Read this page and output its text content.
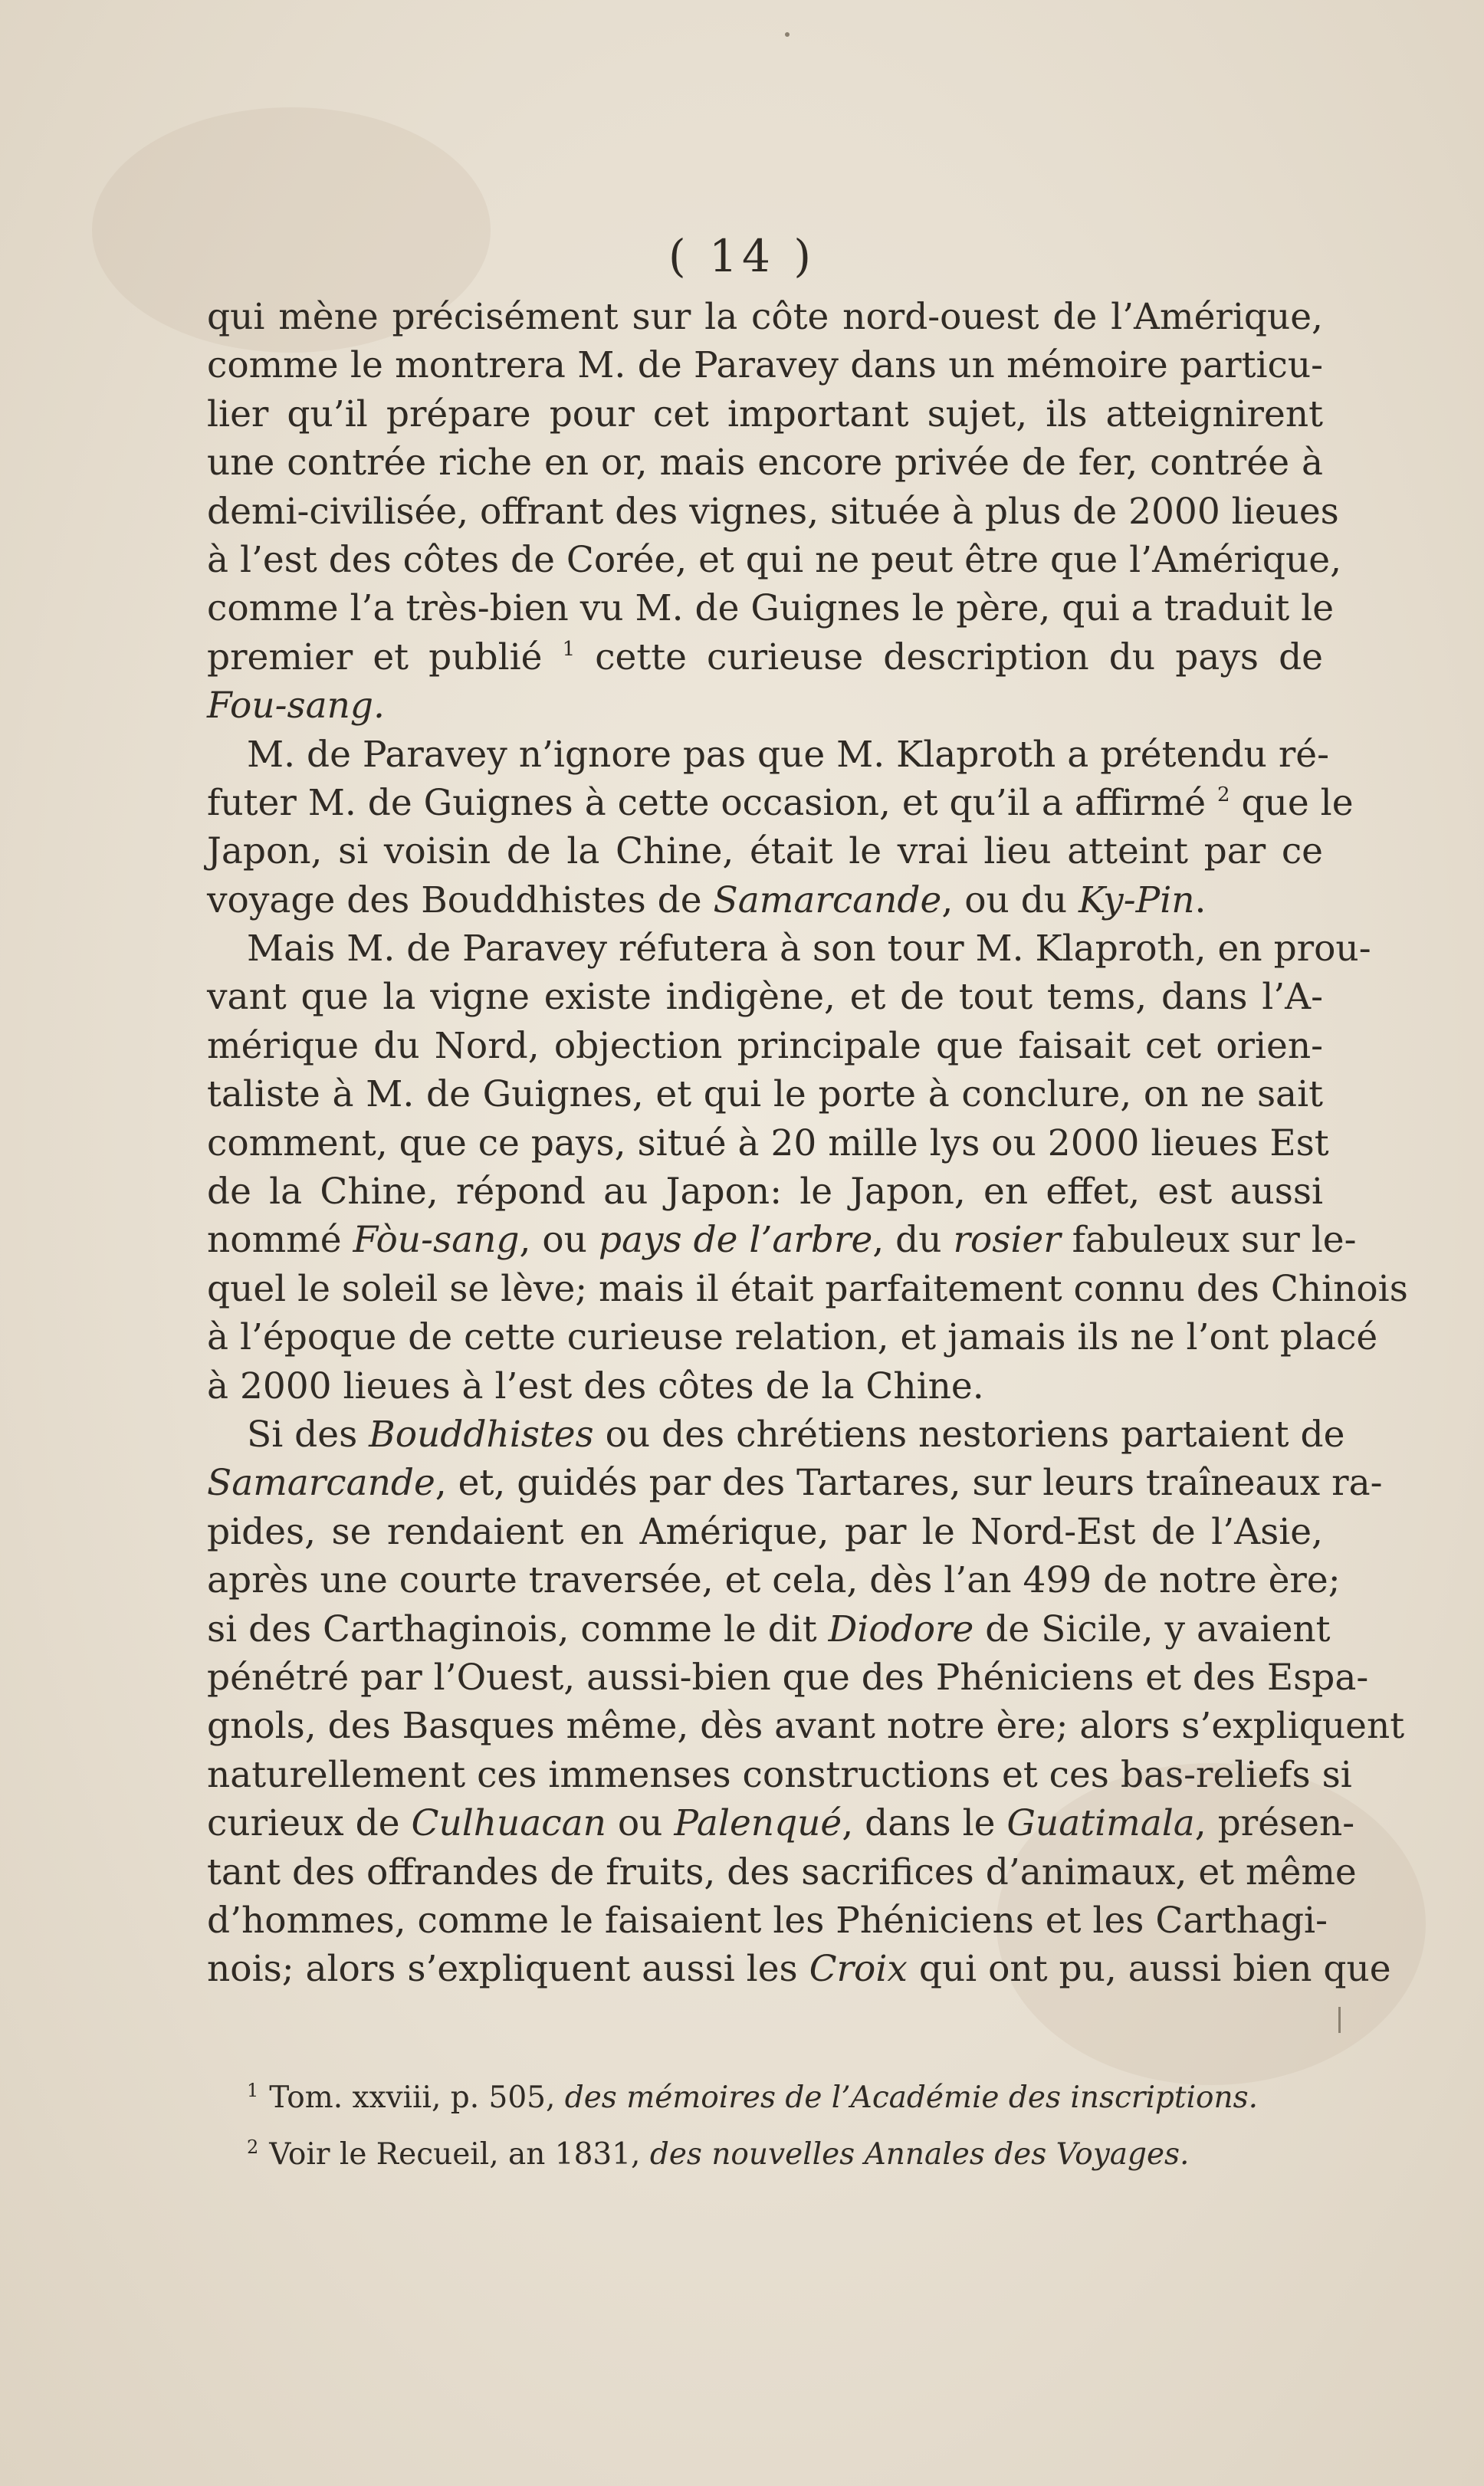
( 14 )
qui mène précisément sur la côte nord-ouest de l’Amérique,
comme le montrera M. de Paravey dans un mémoire particu-
lier qu’il prépare pour cet important sujet, ils atteignirent
une contrée riche en or, mais encore privée de fer, contrée à
demi-civilisée, offrant des vignes, située à plus de 2000 lieues
à l’est des côtes de Corée, et qui ne peut être que l’Amérique,
comme l’a très-bien vu M. de Guignes le père, qui a traduit le
premier et publié $^1$ cette curieuse description du pays de
Fou-sang.
M. de Paravey n’ignore pas que M. Klaproth a prétendu ré-
futer M. de Guignes à cette occasion, et qu’il a affirmé $^2$ que le
Japon, si voisin de la Chine, était le vrai lieu atteint par ce
voyage des Bouddhistes de Samarcande, ou du Ky-Pin.
Mais M. de Paravey réfutera à son tour M. Klaproth, en prou-
vant que la vigne existe indigène, et de tout tems, dans l’A-
mérique du Nord, objection principale que faisait cet orien-
taliste à M. de Guignes, et qui le porte à conclure, on ne sait
comment, que ce pays, situé à 20 mille lys ou 2000 lieues Est
de la Chine, répond au Japon: le Japon, en effet, est aussi
nommé Fòu-sang, ou pays de l’arbre, du rosier fabuleux sur le-
quel le soleil se lève; mais il était parfaitement connu des Chinois
à l’époque de cette curieuse relation, et jamais ils ne l’ont placé
à 2000 lieues à l’est des côtes de la Chine.
Si des Bouddhistes ou des chrétiens nestoriens partaient de
Samarcande, et, guidés par des Tartares, sur leurs traîneaux ra-
pides, se rendaient en Amérique, par le Nord-Est de l’Asie,
après une courte traversée, et cela, dès l’an 499 de notre ère;
si des Carthaginois, comme le dit Diodore de Sicile, y avaient
pénétré par l’Ouest, aussi-bien que des Phéniciens et des Espa-
gnols, des Basques même, dès avant notre ère; alors s’expliquent
naturellement ces immenses constructions et ces bas-reliefs si
curieux de Culhuacan ou Palenqué, dans le Guatimala, présen-
tant des offrandes de fruits, des sacrifices d’animaux, et même
d’hommes, comme le faisaient les Phéniciens et les Carthagi-
nois; alors s’expliquent aussi les Croix qui ont pu, aussi bien que
$^1$ Tom. xxviii, p. 505, des mémoires de l’Académie des inscriptions.
$^2$ Voir le Recueil, an 1831, des nouvelles Annales des Voyages.
